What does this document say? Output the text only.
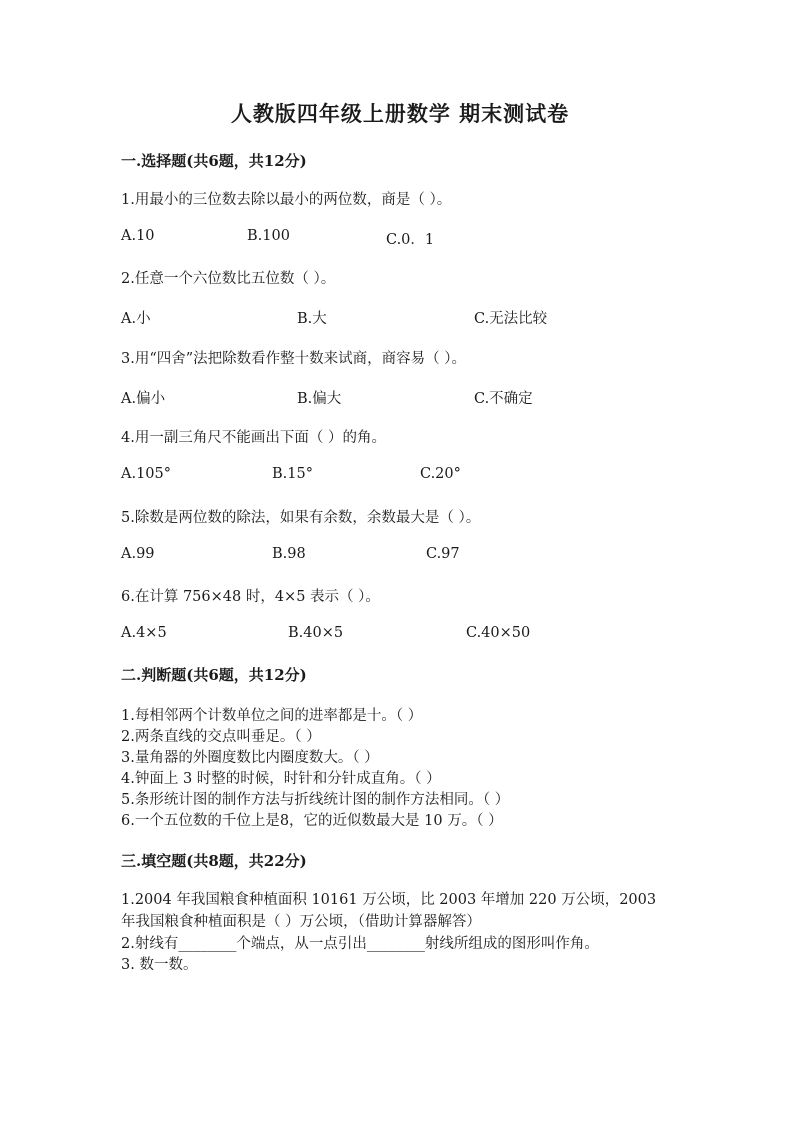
人教版四年级上册数学 期末测试卷
一.选择题(共6题，共12分)
1.用最小的三位数去除以最小的两位数，商是（ ）。
A.10	B.100	C.0．1
2.任意一个六位数比五位数（ ）。
A.小	B.大	C.无法比较
3.用“四舍”法把除数看作整十数来试商，商容易（ ）。
A.偏小	B.偏大	C.不确定
4.用一副三角尺不能画出下面（ ）的角。
A.105°	B.15°	C.20°
5.除数是两位数的除法，如果有余数，余数最大是（ ）。
A.99	B.98	C.97
6.在计算 756×48 时，4×5 表示（ ）。
A.4×5	B.40×5	C.40×50
二.判断题(共6题，共12分)
1.每相邻两个计数单位之间的进率都是十。（ ）
2.两条直线的交点叫垂足。（ ）
3.量角器的外圈度数比内圈度数大。（ ）
4.钟面上 3 时整的时候，时针和分针成直角。（ ）
5.条形统计图的制作方法与折线统计图的制作方法相同。（ ）
6.一个五位数的千位上是8，它的近似数最大是 10 万。（ ）
三.填空题(共8题，共22分)
1.2004 年我国粮食种植面积 10161 万公顷，比 2003 年增加 220 万公顷，2003
年我国粮食种植面积是（ ）万公顷，（借助计算器解答）
2.射线有________个端点，从一点引出________射线所组成的图形叫作角。
3. 数一数。
